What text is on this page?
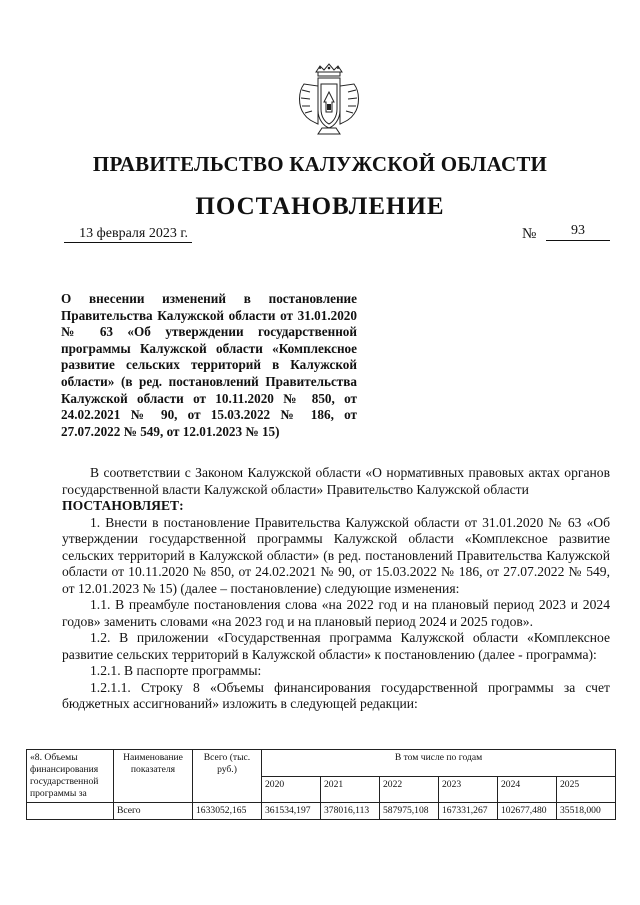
ПРАВИТЕЛЬСТВО КАЛУЖСКОЙ ОБЛАСТИ
ПОСТАНОВЛЕНИЕ
13 февраля 2023 г.	№	93
О внесении изменений в постановление Правительства Калужской области от 31.01.2020 № 63 «Об утверждении государственной программы Калужской области «Комплексное развитие сельских территорий в Калужской области» (в ред. постановлений Правительства Калужской области от 10.11.2020 № 850, от 24.02.2021 № 90, от 15.03.2022 № 186, от 27.07.2022 № 549, от 12.01.2023 № 15)

В соответствии с Законом Калужской области «О нормативных правовых актах органов государственной власти Калужской области» Правительство Калужской области

ПОСТАНОВЛЯЕТ:

1. Внести в постановление Правительства Калужской области от 31.01.2020 № 63 «Об утверждении государственной программы Калужской области «Комплексное развитие сельских территорий в Калужской области» (в ред. постановлений Правительства Калужской области от 10.11.2020 № 850, от 24.02.2021 № 90, от 15.03.2022 № 186, от 27.07.2022 № 549, от 12.01.2023 № 15) (далее – постановление) следующие изменения:

1.1. В преамбуле постановления слова «на 2022 год и на плановый период 2023 и 2024 годов» заменить словами «на 2023 год и на плановый период 2024 и 2025 годов».

1.2. В приложении «Государственная программа Калужской области «Комплексное развитие сельских территорий в Калужской области» к постановлению (далее - программа):

1.2.1. В паспорте программы:

1.2.1.1. Строку 8 «Объемы финансирования государственной программы за счет бюджетных ассигнований» изложить в следующей редакции:

«8. Объемы финансирования государственной программы за	Наименование показателя	Всего (тыс. руб.)	В том числе по годам					
			2020	2021	2022	2023	2024	2025
	Всего	1633052,165	361534,197	378016,113	587975,108	167331,267	102677,480	35518,000
